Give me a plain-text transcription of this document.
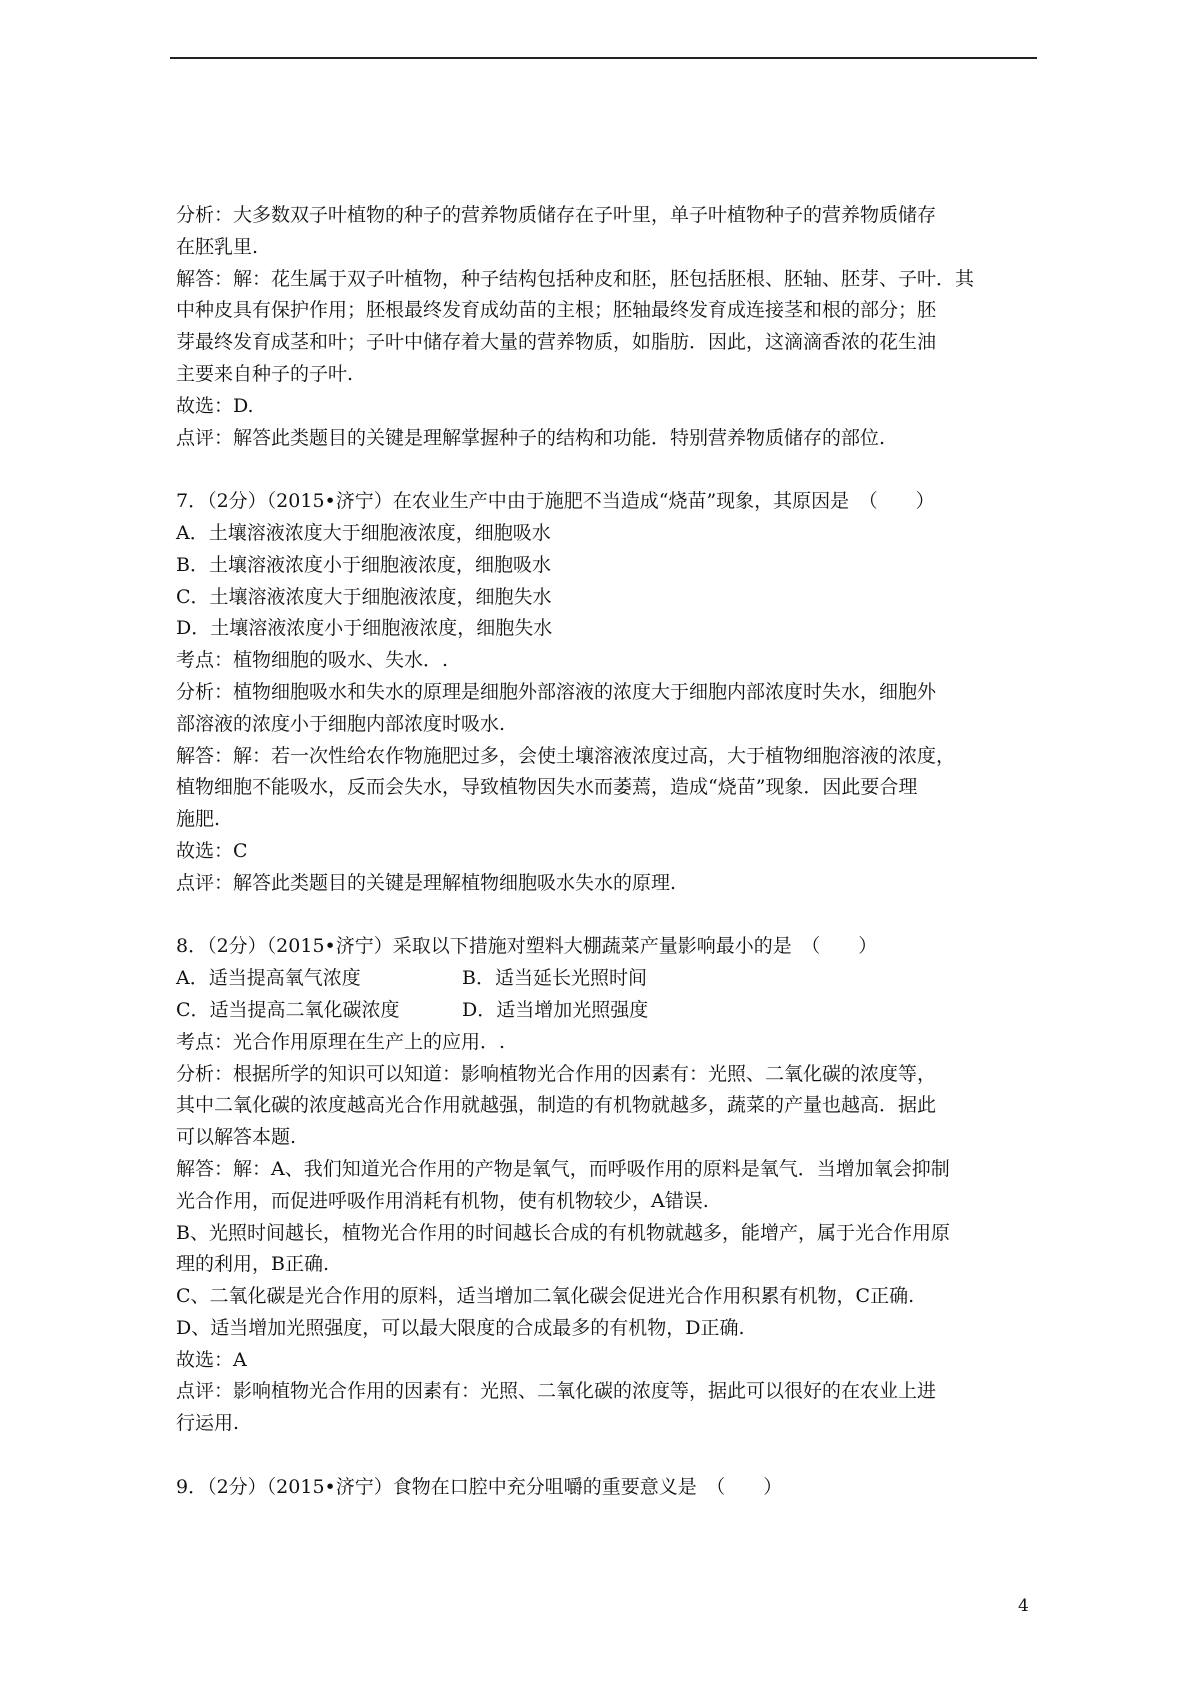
分析：大多数双子叶植物的种子的营养物质储存在子叶里，单子叶植物种子的营养物质储存

在胚乳里.

解答：解：花生属于双子叶植物，种子结构包括种皮和胚，胚包括胚根、胚轴、胚芽、子叶．其

中种皮具有保护作用；胚根最终发育成幼苗的主根；胚轴最终发育成连接茎和根的部分；胚

芽最终发育成茎和叶；子叶中储存着大量的营养物质，如脂肪．因此，这滴滴香浓的花生油

主要来自种子的子叶.

故选：D.

点评：解答此类题目的关键是理解掌握种子的结构和功能．特别营养物质储存的部位.

7．（2分）（2015•济宁）在农业生产中由于施肥不当造成“烧苗”现象，其原因是　（　　）

A．土壤溶液浓度大于细胞液浓度，细胞吸水

B．土壤溶液浓度小于细胞液浓度，细胞吸水

C．土壤溶液浓度大于细胞液浓度，细胞失水

D．土壤溶液浓度小于细胞液浓度，细胞失水

考点：植物细胞的吸水、失水．.

分析：植物细胞吸水和失水的原理是细胞外部溶液的浓度大于细胞内部浓度时失水，细胞外

部溶液的浓度小于细胞内部浓度时吸水.

解答：解：若一次性给农作物施肥过多，会使土壤溶液浓度过高，大于植物细胞溶液的浓度，

植物细胞不能吸水，反而会失水，导致植物因失水而萎蔫，造成“烧苗”现象．因此要合理

施肥.

故选：C

点评：解答此类题目的关键是理解植物细胞吸水失水的原理.

8．（2分）（2015•济宁）采取以下措施对塑料大棚蔬菜产量影响最小的是　（　　）

A．适当提高氧气浓度	B．适当延长光照时间
C．适当提高二氧化碳浓度	D．适当增加光照强度

考点：光合作用原理在生产上的应用．.

分析：根据所学的知识可以知道：影响植物光合作用的因素有：光照、二氧化碳的浓度等，

其中二氧化碳的浓度越高光合作用就越强，制造的有机物就越多，蔬菜的产量也越高．据此

可以解答本题.

解答：解：A、我们知道光合作用的产物是氧气，而呼吸作用的原料是氧气．当增加氧会抑制

光合作用，而促进呼吸作用消耗有机物，使有机物较少，A错误.

B、光照时间越长，植物光合作用的时间越长合成的有机物就越多，能增产，属于光合作用原

理的利用，B正确.

C、二氧化碳是光合作用的原料，适当增加二氧化碳会促进光合作用积累有机物，C正确.

D、适当增加光照强度，可以最大限度的合成最多的有机物，D正确.

故选：A

点评：影响植物光合作用的因素有：光照、二氧化碳的浓度等，据此可以很好的在农业上进

行运用.

9．（2分）（2015•济宁）食物在口腔中充分咀嚼的重要意义是　（　　）

4
